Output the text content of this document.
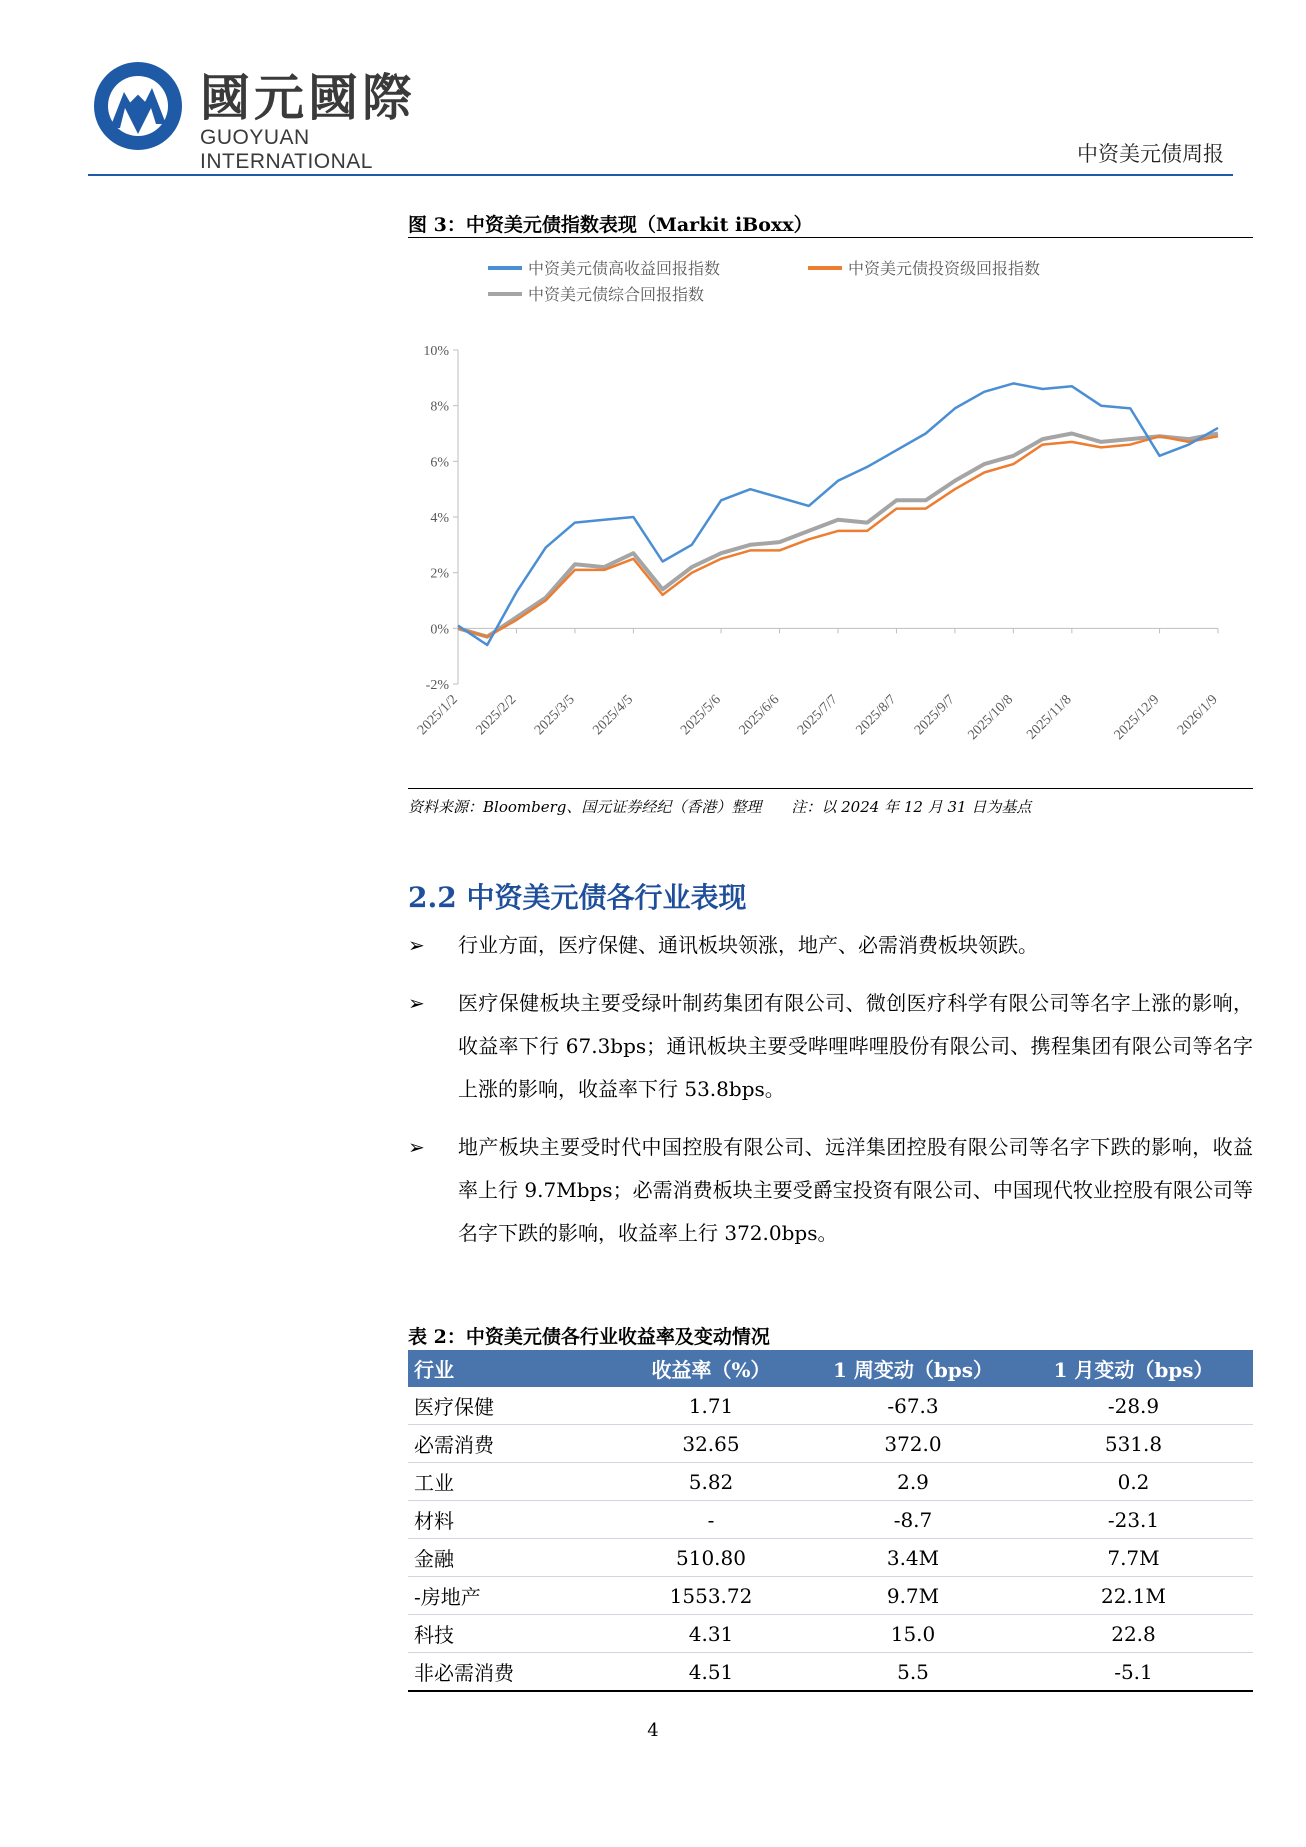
國元國際
GUOYUAN INTERNATIONAL	中资美元债周报
图 3：中资美元债指数表现（Markit iBoxx）
中资美元债高收益回报指数	中资美元债投资级回报指数
中资美元债综合回报指数
-2%
0%
2%
4%
6%
8%
10%
2025/1/2 2025/2/2 2025/3/5 2025/4/5	2025/5/6 2025/6/6 2025/7/7 2025/8/7 2025/9/7 2025/10/8 2025/11/8	2025/12/9 2026/1/9
资料来源：Bloomberg、国元证券经纪（香港）整理　　注：以 2024 年 12 月 31 日为基点
2.2 中资美元债各行业表现
➢ 行业方面，医疗保健、通讯板块领涨，地产、必需消费板块领跌。
➢ 医疗保健板块主要受绿叶制药集团有限公司、微创医疗科学有限公司等名字上涨的影响，收益率下行 67.3bps；通讯板块主要受哔哩哔哩股份有限公司、携程集团有限公司等名字上涨的影响，收益率下行 53.8bps。
➢ 地产板块主要受时代中国控股有限公司、远洋集团控股有限公司等名字下跌的影响，收益率上行 9.7Mbps；必需消费板块主要受爵宝投资有限公司、中国现代牧业控股有限公司等名字下跌的影响，收益率上行 372.0bps。
表 2：中资美元债各行业收益率及变动情况
行业	收益率（%）	1 周变动（bps）	1 月变动（bps）
医疗保健	1.71	-67.3	-28.9
必需消费	32.65	372.0	531.8
工业	5.82	2.9	0.2
材料	-	-8.7	-23.1
金融	510.80	3.4M	7.7M
-房地产	1553.72	9.7M	22.1M
科技	4.31	15.0	22.8
非必需消费	4.51	5.5	-5.1
4
